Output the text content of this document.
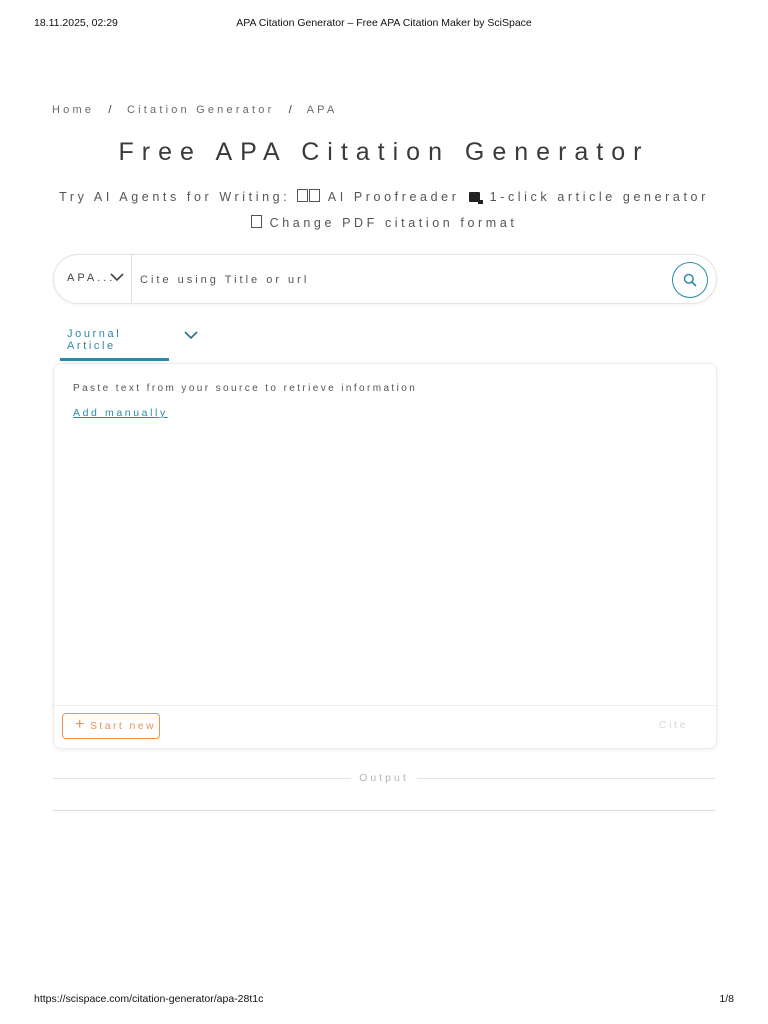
18.11.2025, 02:29	APA Citation Generator – Free APA Citation Maker by SciSpace
Home / Citation Generator / APA
Free APA Citation Generator
Try AI Agents for Writing:	AI Proofreader 1-click article generator
Change PDF citation format
APA...
Cite using Title or url
Journal Article
Paste text from your source to retrieve information
Add manually
+ Start new	Cite
Output
https://scispace.com/citation-generator/apa-28t1c	1/8
